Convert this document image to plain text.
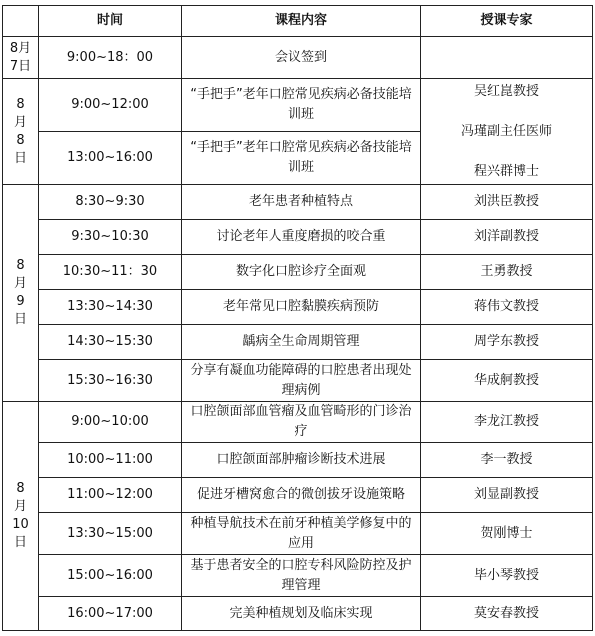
	时间	课程内容	授课专家

8月
7日	9:00~18：00	会议签到	

8
月
8
日	9:00~12:00	“手把手”老年口腔常见疾病必备技能培训班	吴红崑教授
冯瑾副主任医师
程兴群博士

	13:00~16:00	“手把手”老年口腔常见疾病必备技能培训班	

8
月
9
日	8:30~9:30	老年患者种植特点	刘洪臣教授
	9:30~10:30	讨论老年人重度磨损的咬合重	刘洋副教授
	10:30~11：30	数字化口腔诊疗全面观	王勇教授
	13:30~14:30	老年常见口腔黏膜疾病预防	蒋伟文教授
	14:30~15:30	龋病全生命周期管理	周学东教授
	15:30~16:30	分享有凝血功能障碍的口腔患者出现处理病例	华成舸教授

8
月
10
日	9:00~10:00	口腔颌面部血管瘤及血管畸形的门诊治疗	李龙江教授
	10:00~11:00	口腔颌面部肿瘤诊断技术进展	李一教授
	11:00~12:00	促进牙槽窝愈合的微创拔牙设施策略	刘显副教授
	13:30~15:00	种植导航技术在前牙种植美学修复中的应用	贺刚博士
	15:00~16:00	基于患者安全的口腔专科风险防控及护理管理	毕小琴教授
	16:00~17:00	完美种植规划及临床实现	莫安春教授
